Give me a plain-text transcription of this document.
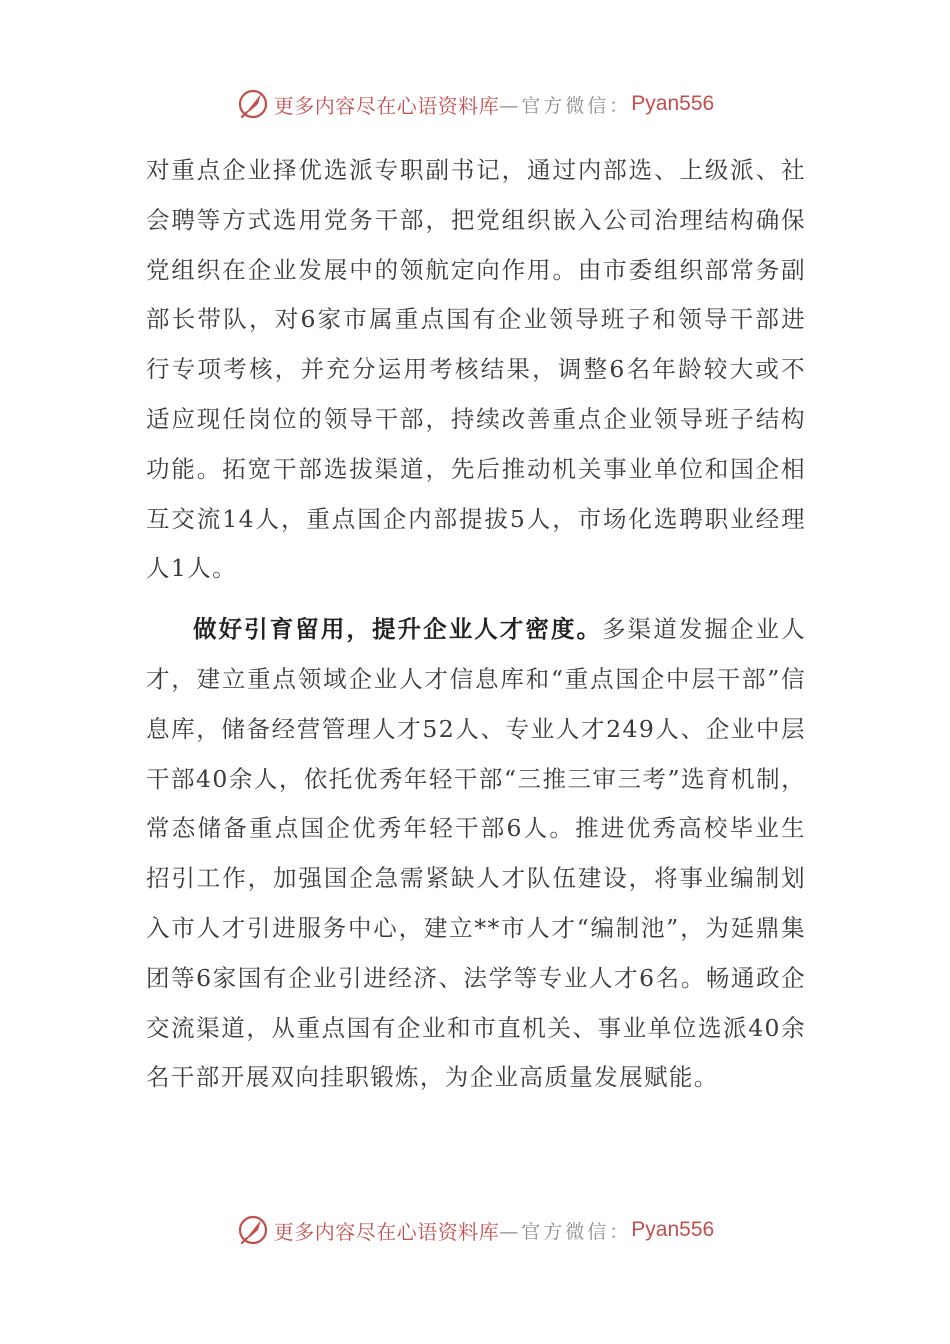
更多内容尽在心语资料库 —官方微信： Pyan556

对重点企业择优选派专职副书记，通过内部选、上级派、社会聘等方式选用党务干部，把党组织嵌入公司治理结构确保党组织在企业发展中的领航定向作用。由市委组织部常务副部长带队，对6家市属重点国有企业领导班子和领导干部进行专项考核，并充分运用考核结果，调整6名年龄较大或不适应现任岗位的领导干部，持续改善重点企业领导班子结构功能。拓宽干部选拔渠道，先后推动机关事业单位和国企相互交流14人，重点国企内部提拔5人，市场化选聘职业经理人1人。

做好引育留用，提升企业人才密度。多渠道发掘企业人才，建立重点领域企业人才信息库和“重点国企中层干部”信息库，储备经营管理人才52人、专业人才249人、企业中层干部40余人，依托优秀年轻干部“三推三审三考”选育机制，常态储备重点国企优秀年轻干部6人。推进优秀高校毕业生招引工作，加强国企急需紧缺人才队伍建设，将事业编制划入市人才引进服务中心，建立**市人才“编制池”，为延鼎集团等6家国有企业引进经济、法学等专业人才6名。畅通政企交流渠道，从重点国有企业和市直机关、事业单位选派40余名干部开展双向挂职锻炼，为企业高质量发展赋能。

更多内容尽在心语资料库 —官方微信： Pyan556
